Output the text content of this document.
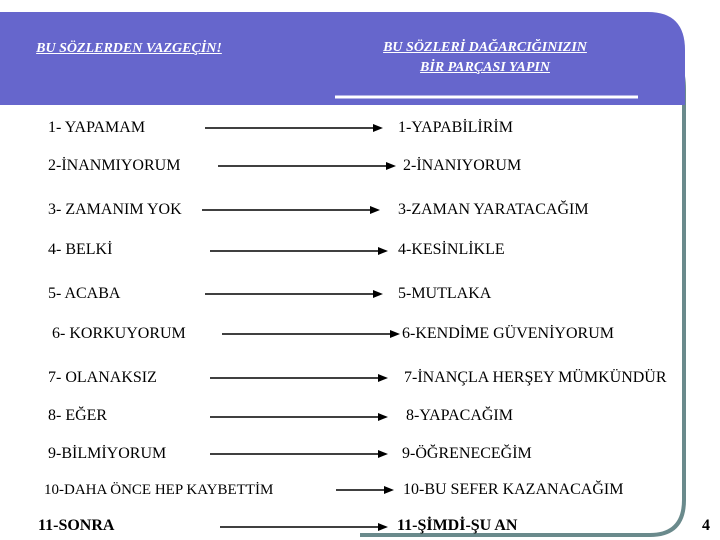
BU SÖZLERDEN VAZGEÇİN!	BU SÖZLERİ DAĞARCIĞINIZIN
BİR PARÇASI YAPIN
1- YAPAMAM	1-YAPABİLİRİM
2-İNANMIYORUM	2-İNANIYORUM
3- ZAMANIM YOK	3-ZAMAN YARATACAĞIM
4- BELKİ	4-KESİNLİKLE
5- ACABA	5-MUTLAKA
6- KORKUYORUM	6-KENDİME GÜVENİYORUM
7- OLANAKSIZ	7-İNANÇLA HERŞEY MÜMKÜNDÜR
8- EĞER	8-YAPACAĞIM
9-BİLMİYORUM	9-ÖĞRENECEĞİM
10-DAHA ÖNCE HEP KAYBETTİM	10-BU SEFER KAZANACAĞIM
11-SONRA	11-ŞİMDİ-ŞU AN	4
